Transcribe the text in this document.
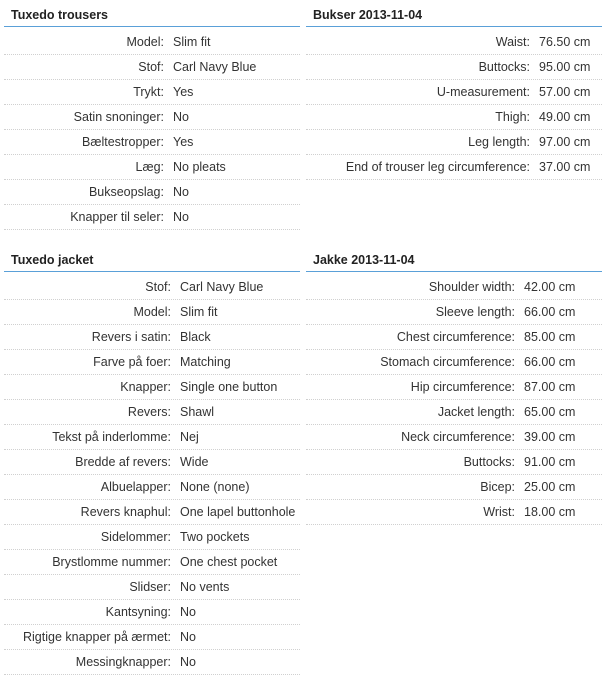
Tuxedo trousers
Model: Slim fit
Stof: Carl Navy Blue
Trykt: Yes
Satin snoninger: No
Bæltestropper: Yes
Læg: No pleats
Bukseopslag: No
Knapper til seler: No
Bukser 2013-11-04
Waist: 76.50 cm
Buttocks: 95.00 cm
U-measurement: 57.00 cm
Thigh: 49.00 cm
Leg length: 97.00 cm
End of trouser leg circumference: 37.00 cm
Tuxedo jacket
Stof: Carl Navy Blue
Model: Slim fit
Revers i satin: Black
Farve på foer: Matching
Knapper: Single one button
Revers: Shawl
Tekst på inderlomme: Nej
Bredde af revers: Wide
Albuelapper: None (none)
Revers knaphul: One lapel buttonhole
Sidelommer: Two pockets
Brystlomme nummer: One chest pocket
Slidser: No vents
Kantsyning: No
Rigtige knapper på ærmet: No
Messingknapper: No
Jakke 2013-11-04
Shoulder width: 42.00 cm
Sleeve length: 66.00 cm
Chest circumference: 85.00 cm
Stomach circumference: 66.00 cm
Hip circumference: 87.00 cm
Jacket length: 65.00 cm
Neck circumference: 39.00 cm
Buttocks: 91.00 cm
Bicep: 25.00 cm
Wrist: 18.00 cm
